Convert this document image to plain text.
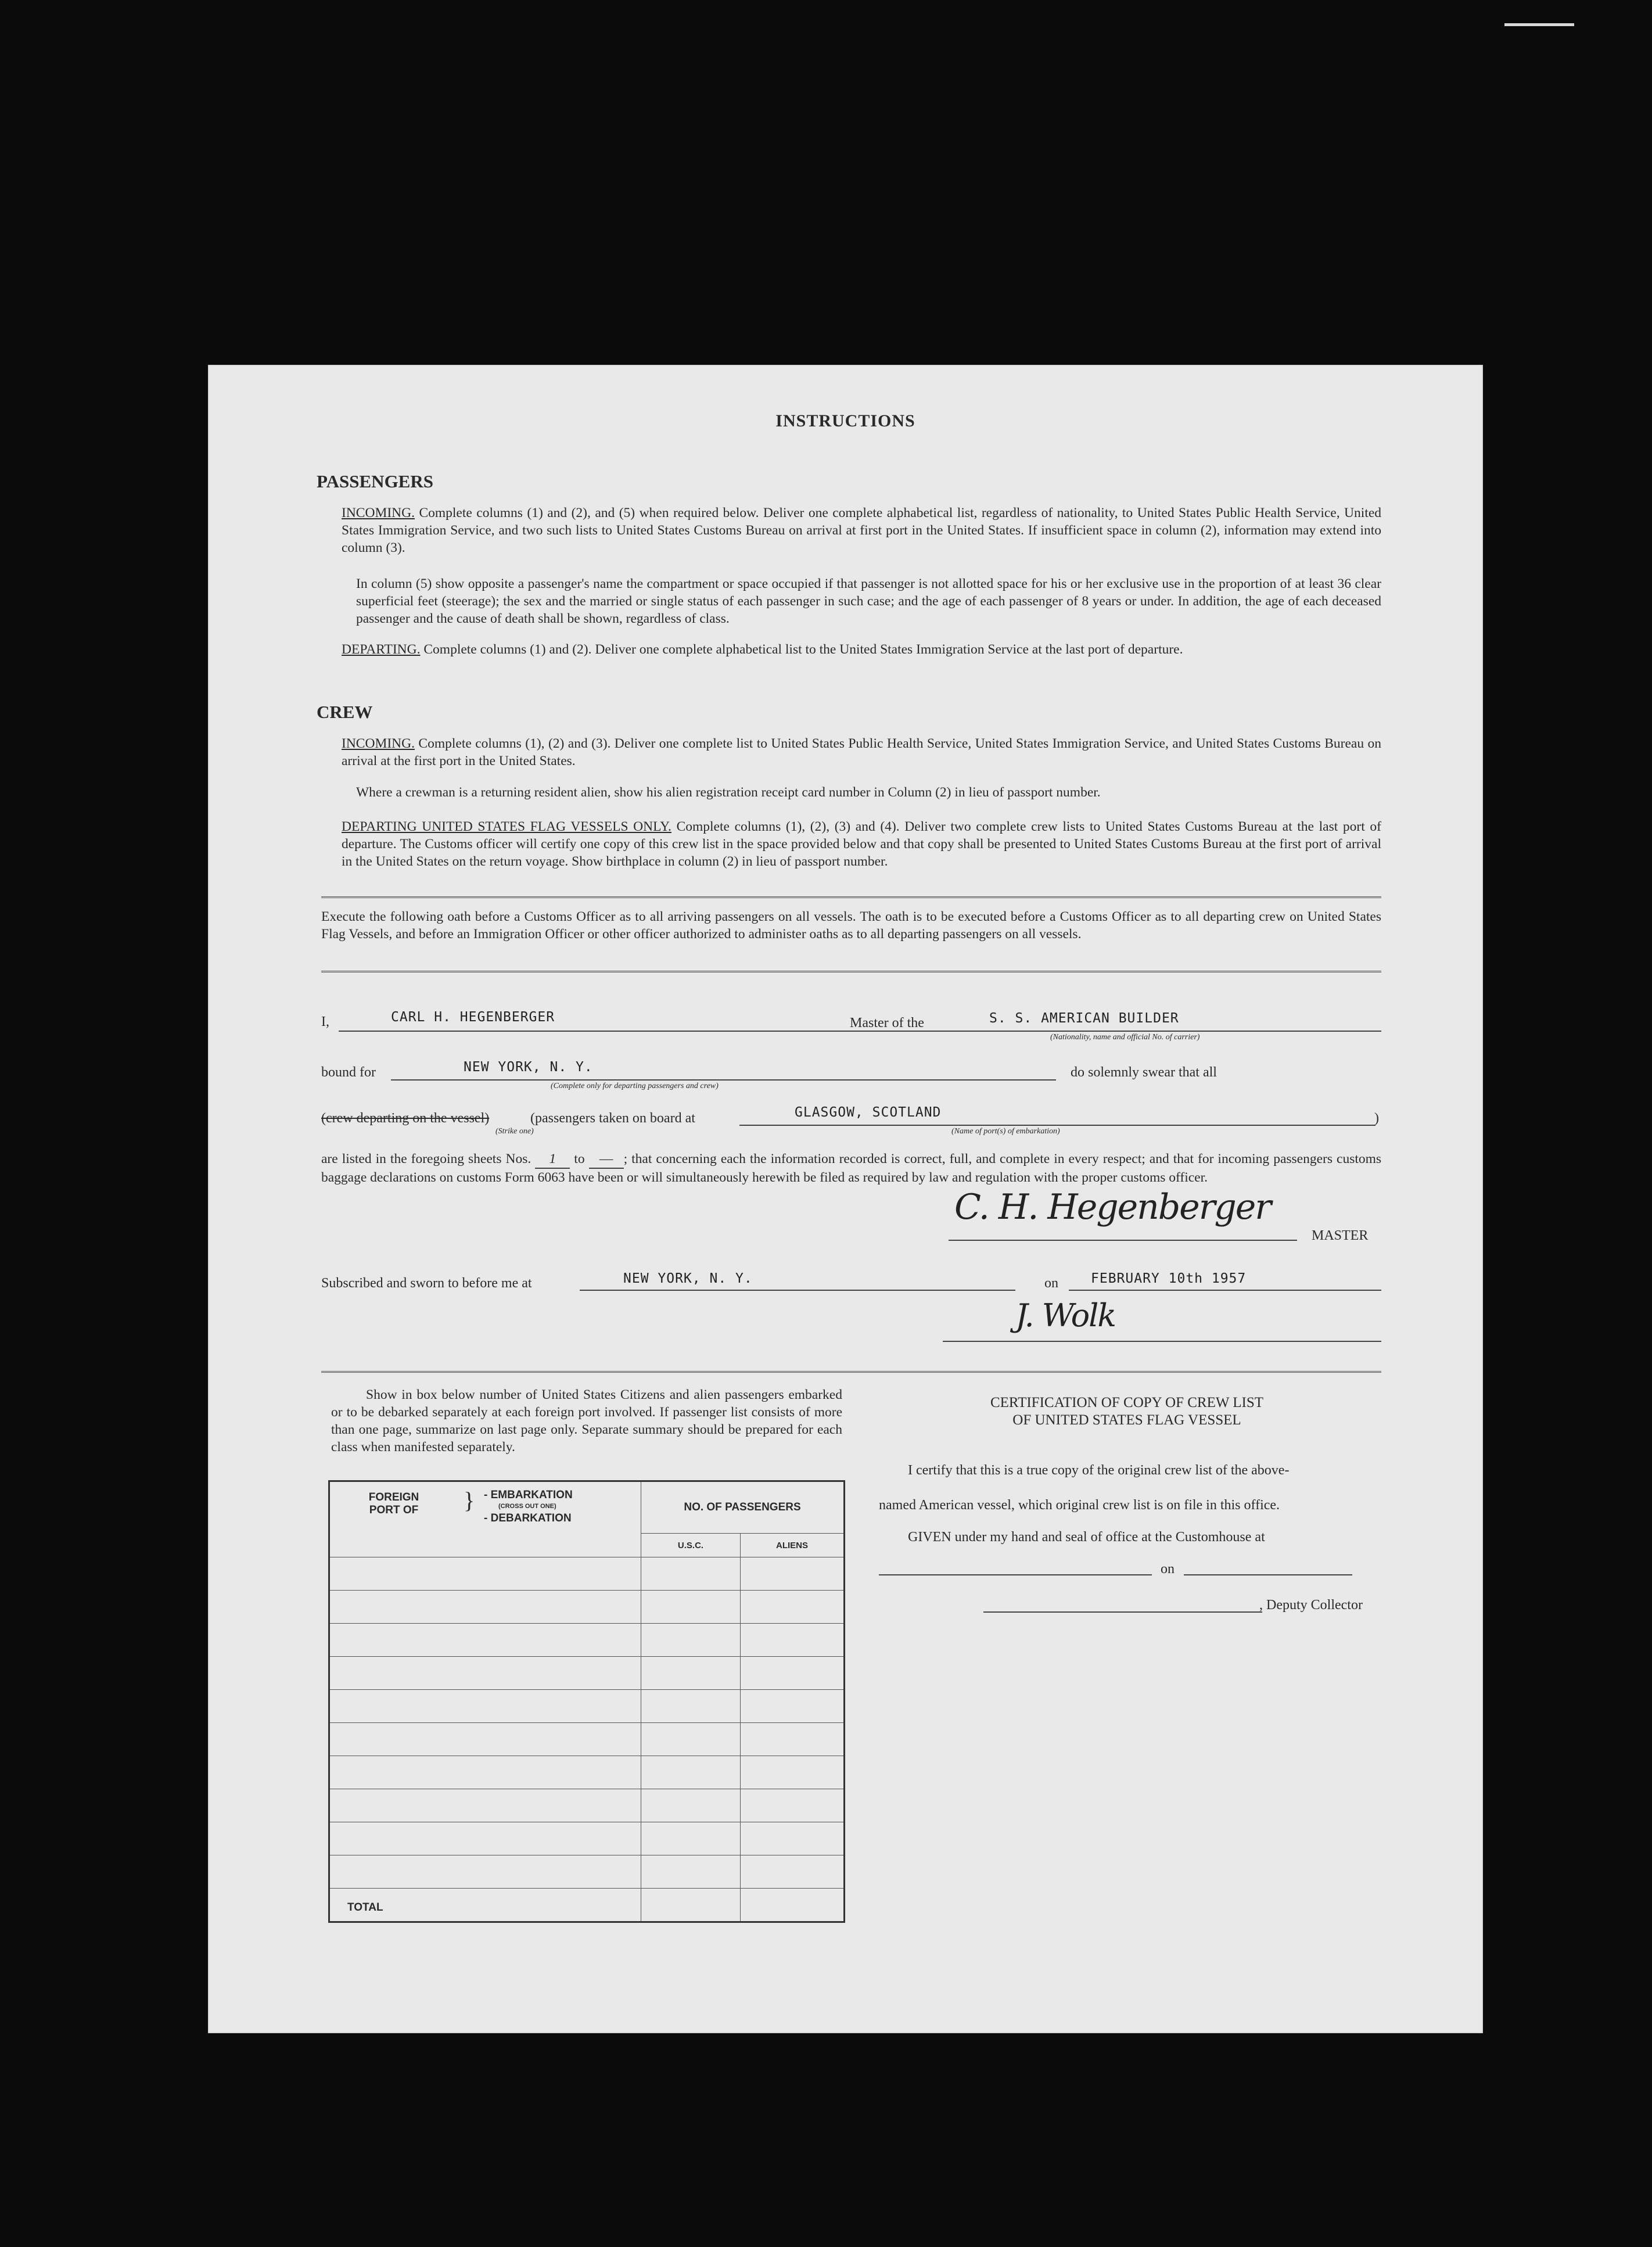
INSTRUCTIONS
PASSENGERS
INCOMING. Complete columns (1) and (2), and (5) when required below. Deliver one complete alphabetical list, regardless of nationality, to United States Public Health Service, United States Immigration Service, and two such lists to United States Customs Bureau on arrival at first port in the United States. If insufficient space in column (2), information may extend into column (3).
In column (5) show opposite a passenger's name the compartment or space occupied if that passenger is not allotted space for his or her exclusive use in the proportion of at least 36 clear superficial feet (steerage); the sex and the married or single status of each passenger in such case; and the age of each passenger of 8 years or under. In addition, the age of each deceased passenger and the cause of death shall be shown, regardless of class.
DEPARTING. Complete columns (1) and (2). Deliver one complete alphabetical list to the United States Immigration Service at the last port of departure.
CREW
INCOMING. Complete columns (1), (2) and (3). Deliver one complete list to United States Public Health Service, United States Immigration Service, and United States Customs Bureau on arrival at the first port in the United States.
Where a crewman is a returning resident alien, show his alien registration receipt card number in Column (2) in lieu of passport number.
DEPARTING UNITED STATES FLAG VESSELS ONLY. Complete columns (1), (2), (3) and (4). Deliver two complete crew lists to United States Customs Bureau at the last port of departure. The Customs officer will certify one copy of this crew list in the space provided below and that copy shall be presented to United States Customs Bureau at the first port of arrival in the United States on the return voyage. Show birthplace in column (2) in lieu of passport number.
Execute the following oath before a Customs Officer as to all arriving passengers on all vessels. The oath is to be executed before a Customs Officer as to all departing crew on United States Flag Vessels, and before an Immigration Officer or other officer authorized to administer oaths as to all departing passengers on all vessels.
I,	CARL H. HEGENBERGER	Master of the	S. S. AMERICAN BUILDER
(Nationality, name and official No. of carrier)
bound for	NEW YORK, N. Y.
(Complete only for departing passengers and crew)
do solemnly swear that all
(crew departing on the vessel)
(Strike one)
(passengers taken on board at	GLASGOW, SCOTLAND
(Name of port(s) of embarkation)
)
are listed in the foregoing sheets Nos. 1 to — ; that concerning each the information recorded is correct, full, and complete in every respect; and that for incoming passengers customs baggage declarations on customs Form 6063 have been or will simultaneously herewith be filed as required by law and regulation with the proper customs officer.
C. H. Hegenberger
MASTER
Subscribed and sworn to before me at	NEW YORK, N. Y.	on FEBRUARY 10th 1957
J. Wolk
Show in box below number of United States Citizens and alien passengers embarked or to be debarked separately at each foreign port involved. If passenger list consists of more than one page, summarize on last page only. Separate summary should be prepared for each class when manifested separately.
FOREIGN PORT OF } - EMBARKATION
(CROSS OUT ONE)
- DEBARKATION	NO. OF PASSENGERS	
	U.S.C.	ALIENS

TOTAL		

CERTIFICATION OF COPY OF CREW LIST
OF UNITED STATES FLAG VESSEL
I certify that this is a true copy of the original crew list of the above-
named American vessel, which original crew list is on file in this office.
GIVEN under my hand and seal of office at the Customhouse at
on
, Deputy Collector
